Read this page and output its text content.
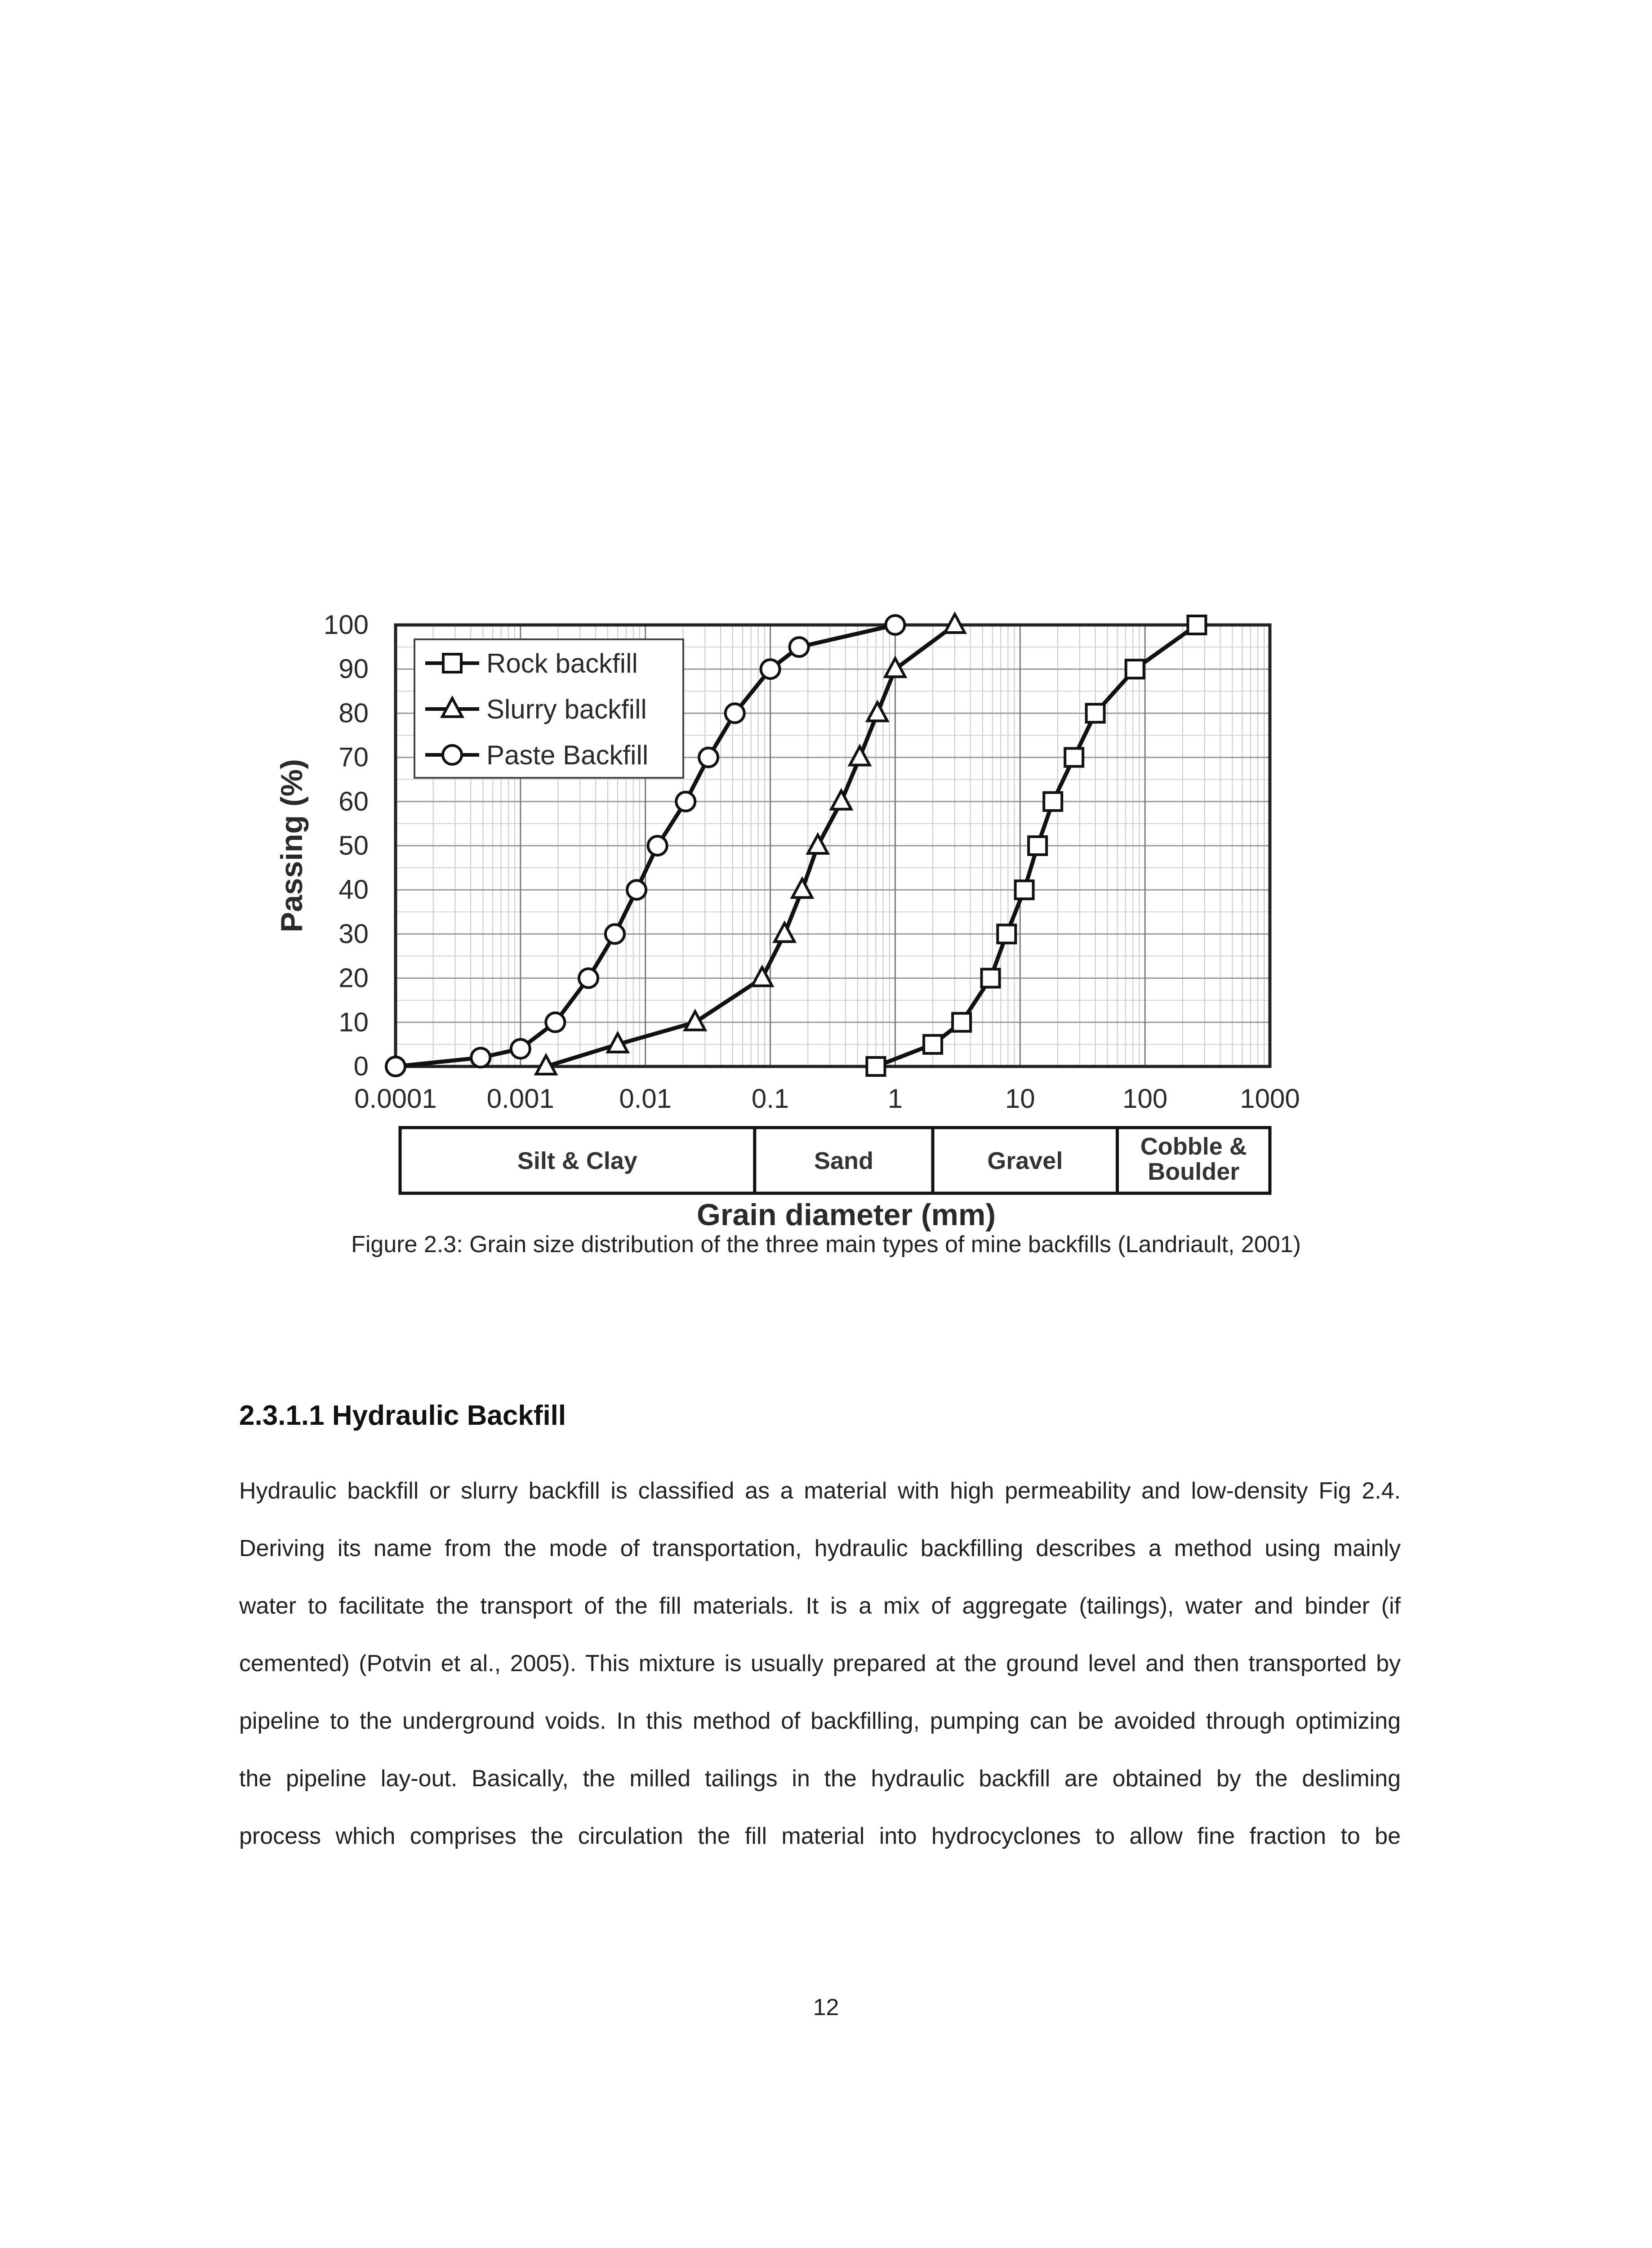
0
10
20
30
40
50
60
70
80
90
100
0.0001 0.001 0.01	0.1	1	10	100	1000
Passing (%)
Rock backfill
Slurry backfill
Paste Backfill
Silt & Clay	Sand	Gravel
Cobble &
Boulder
Grain diameter (mm)
Figure 2.3: Grain size distribution of the three main types of mine backfills (Landriault, 2001)
2.3.1.1 Hydraulic Backfill
Hydraulic backfill or slurry backfill is classified as a material with high permeability and low-density Fig 2.4.
Deriving its name from the mode of transportation, hydraulic backfilling describes a method using mainly
water to facilitate the transport of the fill materials. It is a mix of aggregate (tailings), water and binder (if
cemented) (Potvin et al., 2005). This mixture is usually prepared at the ground level and then transported by
pipeline to the underground voids. In this method of backfilling, pumping can be avoided through optimizing
the pipeline lay-out. Basically, the milled tailings in the hydraulic backfill are obtained by the desliming
process which comprises the circulation the fill material into hydrocyclones to allow fine fraction to be
12
